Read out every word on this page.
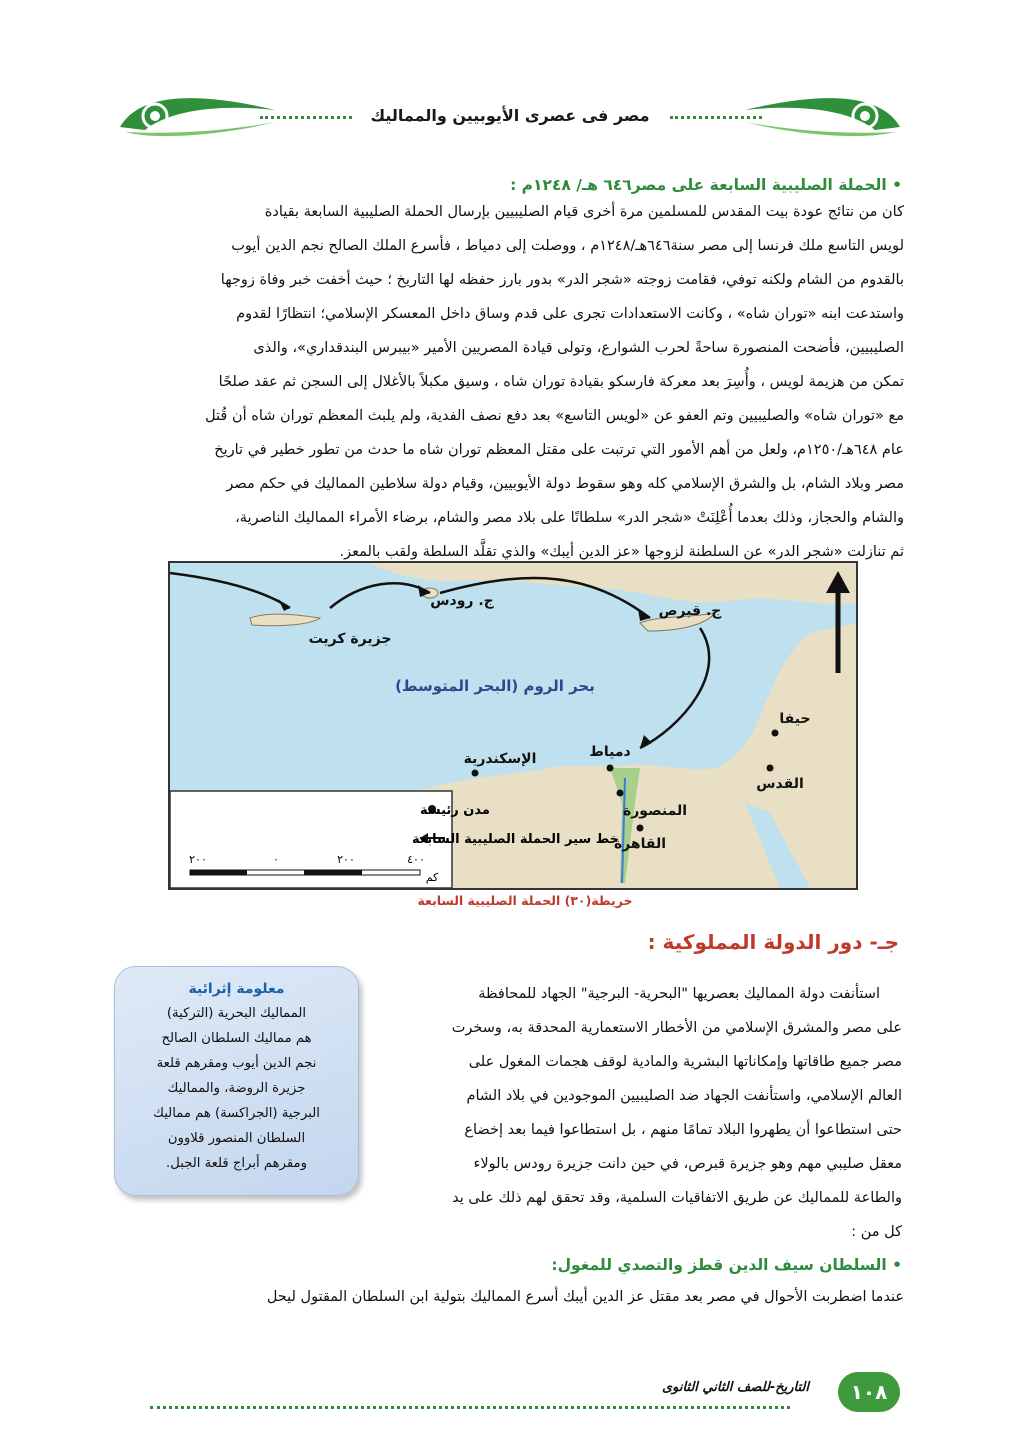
مصر فى عصرى الأيوبيين والمماليك
• الحملة الصليبية السابعة على مصر٦٤٦ هـ/ ١٢٤٨م :

كان من نتائج عودة بيت المقدس للمسلمين مرة أخرى قيام الصليبيين بإرسال الحملة الصليبية السابعة بقيادة

لويس التاسع ملك فرنسا إلى مصر سنة٦٤٦هـ/١٢٤٨م ، ووصلت إلى دمياط ، فأسرع الملك الصالح نجم الدين أيوب

بالقدوم من الشام ولكنه توفي، فقامت زوجته «شجر الدر» بدور بارز حفظه لها التاريخ ؛ حيث أخفت خبر وفاة زوجها

واستدعت ابنه «توران شاه» ، وكانت الاستعدادات تجرى على قدم وساق داخل المعسكر الإسلامي؛ انتظارًا لقدوم

الصليبيين، فأضحت المنصورة ساحةً لحرب الشوارع، وتولى قيادة المصريين الأمير «بيبرس البندقداري»، والذى

تمكن من هزيمة لويس ، وأُسِرَ بعد معركة فارسكو بقيادة توران شاه ، وسيق مكبلاً بالأغلال إلى السجن ثم عقد صلحًا

مع «توران شاه» والصليبيين وتم العفو عن «لويس التاسع» بعد دفع نصف الفدية، ولم يلبث المعظم توران شاه أن قُتل

عام ٦٤٨هـ/١٢٥٠م، ولعل من أهم الأمور التي ترتبت على مقتل المعظم توران شاه ما حدث من تطور خطير في تاريخ

مصر وبلاد الشام، بل والشرق الإسلامي كله وهو سقوط دولة الأيوبيين، وقيام دولة سلاطين المماليك في حكم مصر

والشام والحجاز، وذلك بعدما أُعْلِنَتْ «شجر الدر» سلطانًا على بلاد مصر والشام، برضاء الأمراء المماليك الناصرية،

ثم تنازلت «شجر الدر» عن السلطنة لزوجها «عز الدين أيبك» والذي تقلَّد السلطة ولقب بالمعز.

جزيرة كريت
ج. رودس
ج. قبرص
بحر الروم (البحر المتوسط)
حيفا
القدس
دمياط
الإسكندرية
المنصورة
القاهرة
مدن رئيسة
خط سير الحملة الصليبية السابعة
٤٠٠
٢٠٠
٠
٢٠٠
كم
خريطة(٣٠) الحملة الصليبية السابعة
جـ- دور الدولة المملوكية :

استأنفت دولة المماليك بعصريها "البحرية- البرجية" الجهاد للمحافظة

على مصر والمشرق الإسلامي من الأخطار الاستعمارية المحدقة به، وسخرت

مصر جميع طاقاتها وإمكاناتها البشرية والمادية لوقف هجمات المغول على

العالم الإسلامي، واستأنفت الجهاد ضد الصليبيين الموجودين في بلاد الشام

حتى استطاعوا أن يطهروا البلاد تمامًا منهم ، بل استطاعوا فيما بعد إخضاع

معقل صليبي مهم وهو جزيرة قبرص، في حين دانت جزيرة رودس بالولاء

والطاعة للمماليك عن طريق الاتفاقيات السلمية، وقد تحقق لهم ذلك على يد

كل من :

معلومة إثرائية
المماليك البحرية (التركية)
هم مماليك السلطان الصالح
نجم الدين أيوب ومقرهم قلعة
جزيرة الروضة، والمماليك
البرجية (الجراكسة) هم مماليك
السلطان المنصور قلاوون
ومقرهم أبراج قلعة الجبل.
• السلطان سيف الدين قطز والتصدي للمغول:

عندما اضطربت الأحوال في مصر بعد مقتل عز الدين أيبك أسرع المماليك بتولية ابن السلطان المقتول ليحل

التاريخ-للصف الثاني الثانوى	١٠٨
